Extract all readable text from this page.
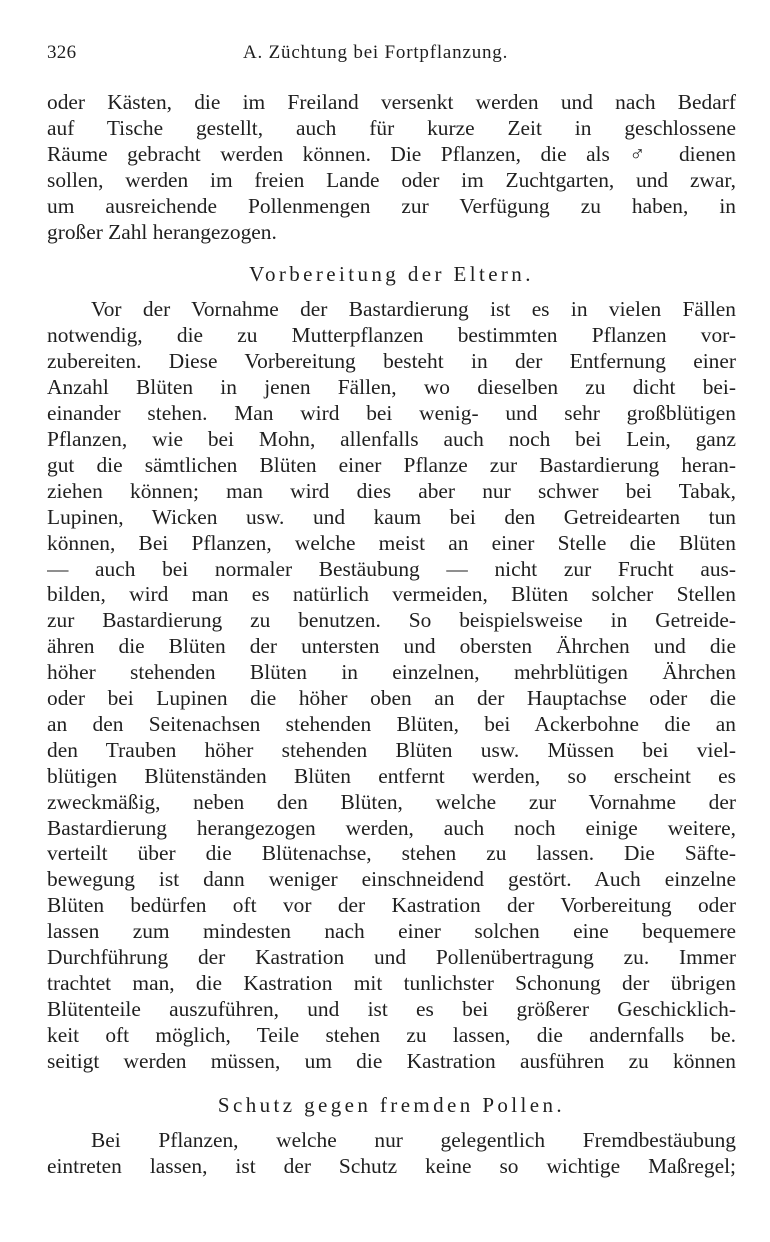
326	A. Züchtung bei Fortpflanzung.
oder Kästen, die im Freiland versenkt werden und nach Bedarf
auf Tische gestellt, auch für kurze Zeit in geschlossene
Räume gebracht werden können. Die Pflanzen, die als ♂ dienen
sollen, werden im freien Lande oder im Zuchtgarten, und zwar,
um ausreichende Pollenmengen zur Verfügung zu haben, in
großer Zahl herangezogen.
Vorbereitung der Eltern.
Vor der Vornahme der Bastardierung ist es in vielen Fällen
notwendig, die zu Mutterpflanzen bestimmten Pflanzen vor-
zubereiten. Diese Vorbereitung besteht in der Entfernung einer
Anzahl Blüten in jenen Fällen, wo dieselben zu dicht bei-
einander stehen. Man wird bei wenig- und sehr großblütigen
Pflanzen, wie bei Mohn, allenfalls auch noch bei Lein, ganz
gut die sämtlichen Blüten einer Pflanze zur Bastardierung heran-
ziehen können; man wird dies aber nur schwer bei Tabak,
Lupinen, Wicken usw. und kaum bei den Getreidearten tun
können, Bei Pflanzen, welche meist an einer Stelle die Blüten
— auch bei normaler Bestäubung — nicht zur Frucht aus-
bilden, wird man es natürlich vermeiden, Blüten solcher Stellen
zur Bastardierung zu benutzen. So beispielsweise in Getreide-
ähren die Blüten der untersten und obersten Ährchen und die
höher stehenden Blüten in einzelnen, mehrblütigen Ährchen
oder bei Lupinen die höher oben an der Hauptachse oder die
an den Seitenachsen stehenden Blüten, bei Ackerbohne die an
den Trauben höher stehenden Blüten usw. Müssen bei viel-
blütigen Blütenständen Blüten entfernt werden, so erscheint es
zweckmäßig, neben den Blüten, welche zur Vornahme der
Bastardierung herangezogen werden, auch noch einige weitere,
verteilt über die Blütenachse, stehen zu lassen. Die Säfte-
bewegung ist dann weniger einschneidend gestört. Auch einzelne
Blüten bedürfen oft vor der Kastration der Vorbereitung oder
lassen zum mindesten nach einer solchen eine bequemere
Durchführung der Kastration und Pollenübertragung zu. Immer
trachtet man, die Kastration mit tunlichster Schonung der übrigen
Blütenteile auszuführen, und ist es bei größerer Geschicklich-
keit oft möglich, Teile stehen zu lassen, die andernfalls be.
seitigt werden müssen, um die Kastration ausführen zu können
Schutz gegen fremden Pollen.
Bei Pflanzen, welche nur gelegentlich Fremdbestäubung
eintreten lassen, ist der Schutz keine so wichtige Maßregel;
